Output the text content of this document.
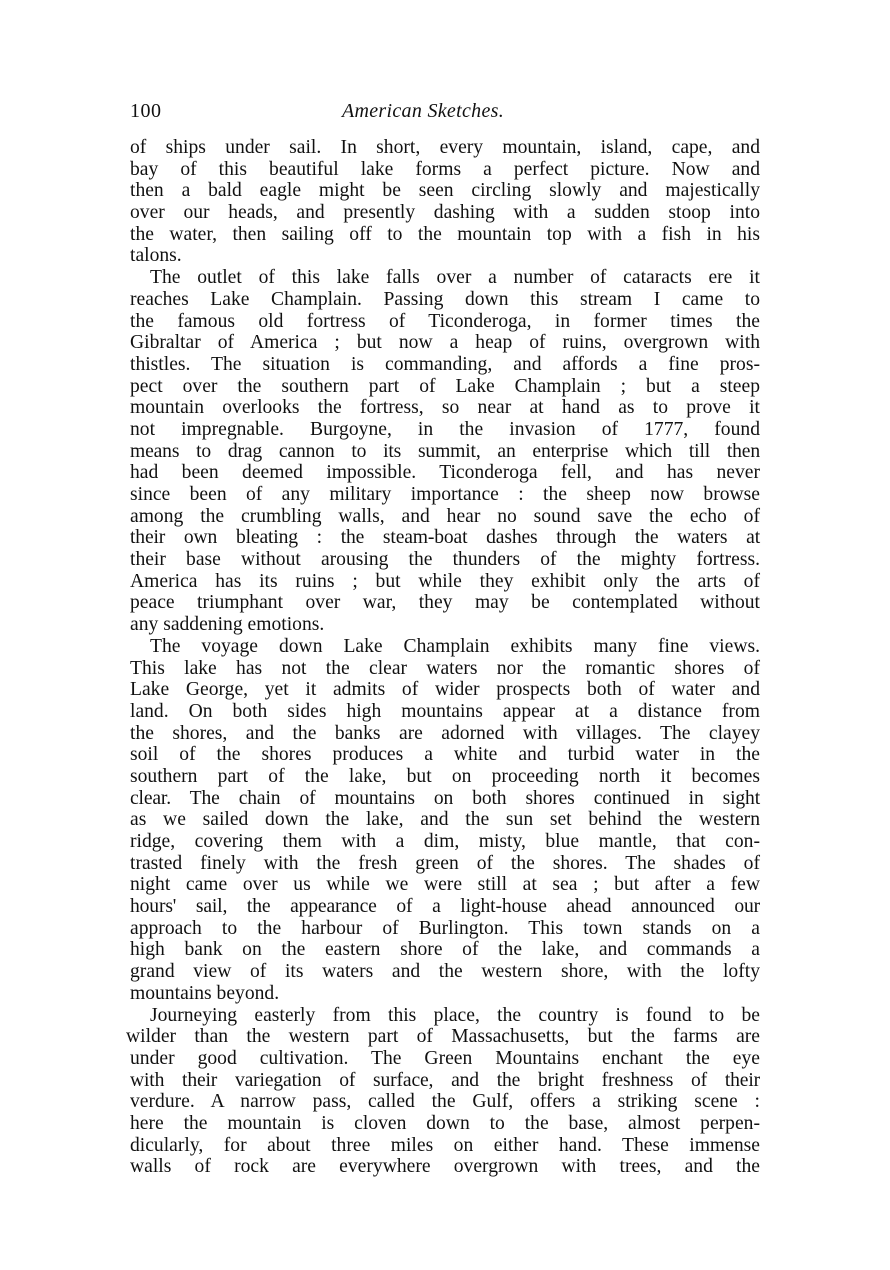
100	American Sketches.
of ships under sail. In short, every mountain, island, cape, and
bay of this beautiful lake forms a perfect picture. Now and
then a bald eagle might be seen circling slowly and majestically
over our heads, and presently dashing with a sudden stoop into
the water, then sailing off to the mountain top with a fish in his
talons.
The outlet of this lake falls over a number of cataracts ere it
reaches Lake Champlain. Passing down this stream I came to
the famous old fortress of Ticonderoga, in former times the
Gibraltar of America ; but now a heap of ruins, overgrown with
thistles. The situation is commanding, and affords a fine pros-
pect over the southern part of Lake Champlain ; but a steep
mountain overlooks the fortress, so near at hand as to prove it
not impregnable. Burgoyne, in the invasion of 1777, found
means to drag cannon to its summit, an enterprise which till then
had been deemed impossible. Ticonderoga fell, and has never
since been of any military importance : the sheep now browse
among the crumbling walls, and hear no sound save the echo of
their own bleating : the steam-boat dashes through the waters at
their base without arousing the thunders of the mighty fortress.
America has its ruins ; but while they exhibit only the arts of
peace triumphant over war, they may be contemplated without
any saddening emotions.
The voyage down Lake Champlain exhibits many fine views.
This lake has not the clear waters nor the romantic shores of
Lake George, yet it admits of wider prospects both of water and
land. On both sides high mountains appear at a distance from
the shores, and the banks are adorned with villages. The clayey
soil of the shores produces a white and turbid water in the
southern part of the lake, but on proceeding north it becomes
clear. The chain of mountains on both shores continued in sight
as we sailed down the lake, and the sun set behind the western
ridge, covering them with a dim, misty, blue mantle, that con-
trasted finely with the fresh green of the shores. The shades of
night came over us while we were still at sea ; but after a few
hours' sail, the appearance of a light-house ahead announced our
approach to the harbour of Burlington. This town stands on a
high bank on the eastern shore of the lake, and commands a
grand view of its waters and the western shore, with the lofty
mountains beyond.
Journeying easterly from this place, the country is found to be
wilder than the western part of Massachusetts, but the farms are
under good cultivation. The Green Mountains enchant the eye
with their variegation of surface, and the bright freshness of their
verdure. A narrow pass, called the Gulf, offers a striking scene :
here the mountain is cloven down to the base, almost perpen-
dicularly, for about three miles on either hand. These immense
walls of rock are everywhere overgrown with trees, and the
